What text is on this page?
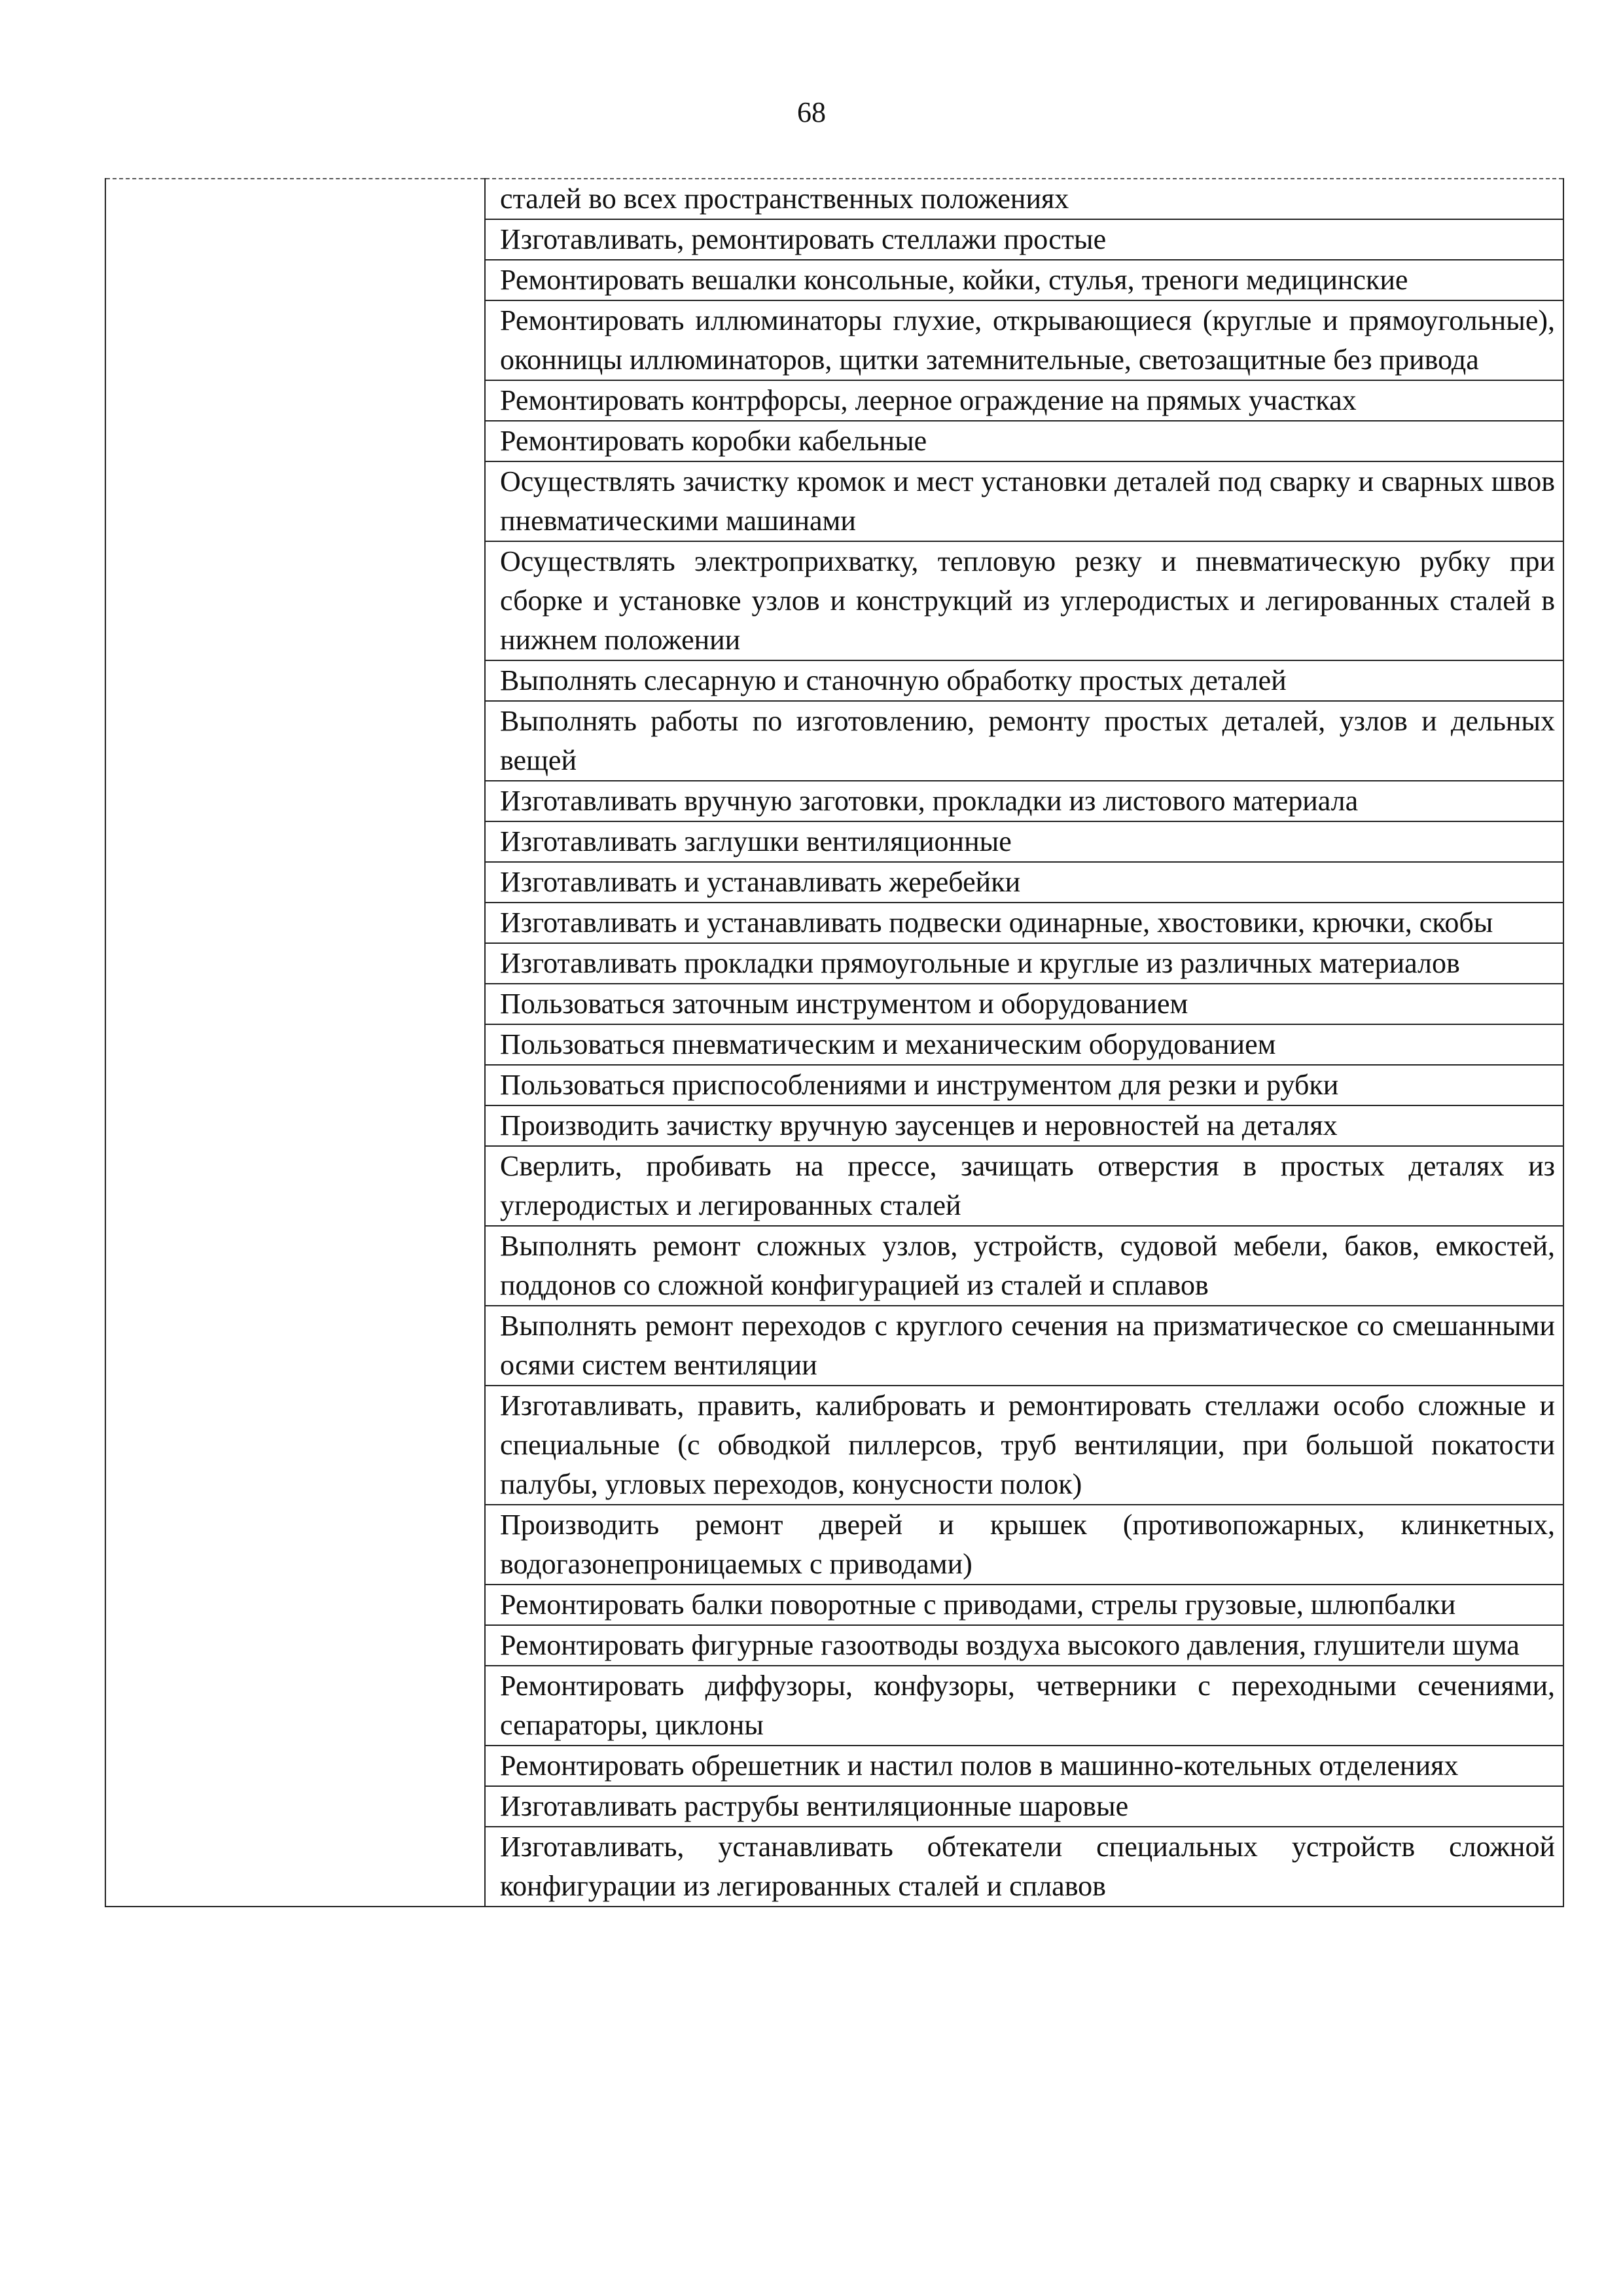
68

сталей во всех пространственных положениях
Изготавливать, ремонтировать стеллажи простые
Ремонтировать вешалки консольные, койки, стулья, треноги медицинские
Ремонтировать иллюминаторы глухие, открывающиеся (круглые и прямоугольные), оконницы иллюминаторов, щитки затемнительные, светозащитные без привода
Ремонтировать контрфорсы, леерное ограждение на прямых участках
Ремонтировать коробки кабельные
Осуществлять зачистку кромок и мест установки деталей под сварку и сварных швов пневматическими машинами
Осуществлять электроприхватку, тепловую резку и пневматическую рубку при сборке и установке узлов и конструкций из углеродистых и легированных сталей в нижнем положении
Выполнять слесарную и станочную обработку простых деталей
Выполнять работы по изготовлению, ремонту простых деталей, узлов и дельных вещей
Изготавливать вручную заготовки, прокладки из листового материала
Изготавливать заглушки вентиляционные
Изготавливать и устанавливать жеребейки
Изготавливать и устанавливать подвески одинарные, хвостовики, крючки, скобы
Изготавливать прокладки прямоугольные и круглые из различных материалов
Пользоваться заточным инструментом и оборудованием
Пользоваться пневматическим и механическим оборудованием
Пользоваться приспособлениями и инструментом для резки и рубки
Производить зачистку вручную заусенцев и неровностей на деталях
Сверлить, пробивать на прессе, зачищать отверстия в простых деталях из углеродистых и легированных сталей
Выполнять ремонт сложных узлов, устройств, судовой мебели, баков, емкостей, поддонов со сложной конфигурацией из сталей и сплавов
Выполнять ремонт переходов с круглого сечения на призматическое со смешанными осями систем вентиляции
Изготавливать, править, калибровать и ремонтировать стеллажи особо сложные и специальные (с обводкой пиллерсов, труб вентиляции, при большой покатости палубы, угловых переходов, конусности полок)
Производить ремонт дверей и крышек (противопожарных, клинкетных, водогазонепроницаемых с приводами)
Ремонтировать балки поворотные с приводами, стрелы грузовые, шлюпбалки
Ремонтировать фигурные газоотводы воздуха высокого давления, глушители шума
Ремонтировать диффузоры, конфузоры, четверники с переходными сечениями, сепараторы, циклоны
Ремонтировать обрешетник и настил полов в машинно-котельных отделениях
Изготавливать раструбы вентиляционные шаровые
Изготавливать, устанавливать обтекатели специальных устройств сложной конфигурации из легированных сталей и сплавов
